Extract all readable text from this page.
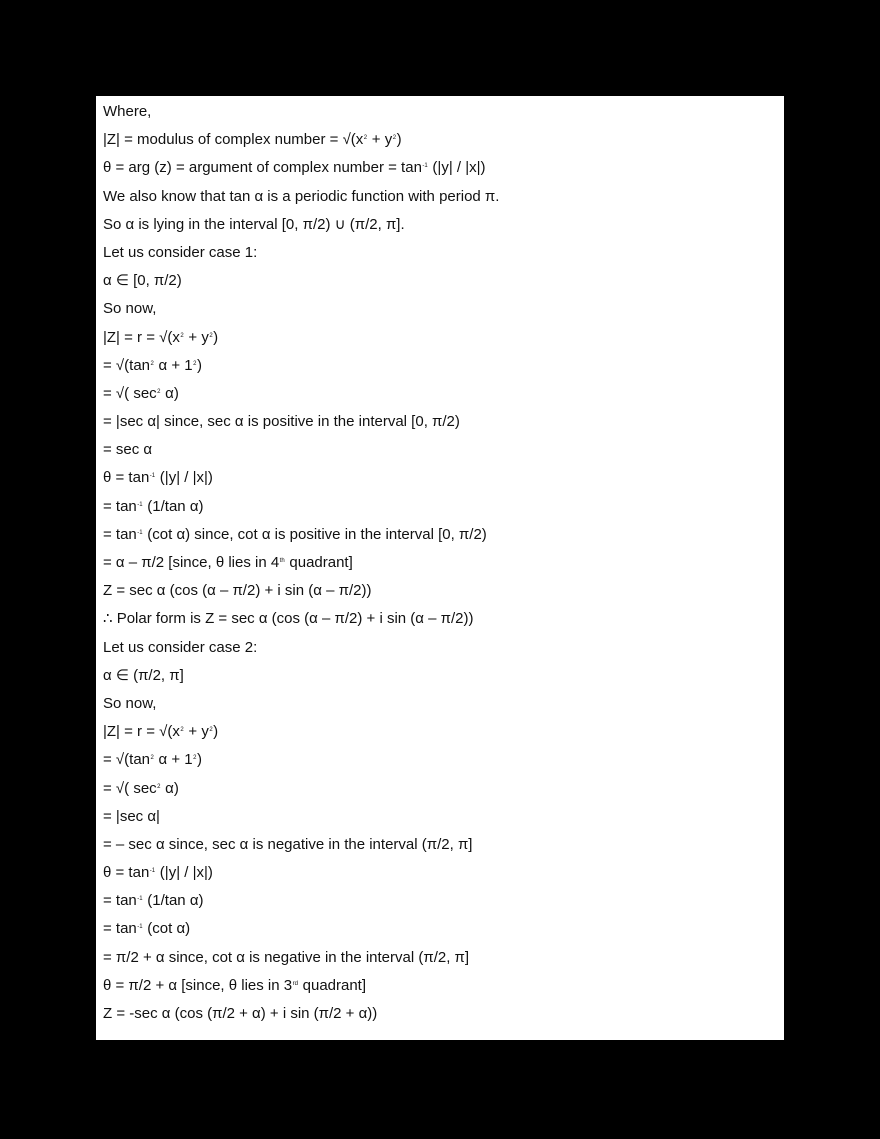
Where,
|Z| = modulus of complex number = $√(x^2 + y^2)$
θ = arg (z) = argument of complex number = $\tan^{-1} (|y| / |x|)$
We also know that tan α is a periodic function with period π.
So α is lying in the interval [0, π/2) ∪ (π/2, π].
Let us consider case 1:
α ∈ [0, π/2)
So now,
$|Z| = r = √(x^2 + y^2)$
= $√(\tan^2$ $\alpha + 1^2$)
= √( $\sec^2 \alpha$)
= |sec α| since, sec α is positive in the interval [0, π/2)
= sec α
$\theta = \tan^{-1} (|y| / |x|)$
= $\tan^{-1} (1/\tan$ α)
= $\tan^{-1} (\cot$ α) since, cot α is positive in the interval [0, π/2)
= α – π/2 [since, θ lies in 4th quadrant]
Z = sec α (cos (α – π/2) + i sin (α – π/2))
∴ Polar form is Z = sec α (cos (α – π/2) + i sin (α – π/2))
Let us consider case 2:
α ∈ (π/2, π]
So now,
$|Z| = r = √(x^2 + y^2)$
= $√(\tan^2$ $\alpha + 1^2$)
= √( $\sec^2 \alpha$)
= |sec α|
= – sec α since, sec α is negative in the interval (π/2, π]
$\theta = \tan^{-1} (|y| / |x|)$
= $\tan^{-1} (1/\tan$ α)
= $\tan^{-1} (\cot$ α)
= π/2 + α since, cot α is negative in the interval (π/2, π]
θ = π/2 + α [since, θ lies in 3rd quadrant]
Z = -sec α (cos (π/2 + α) + i sin (π/2 + α))
